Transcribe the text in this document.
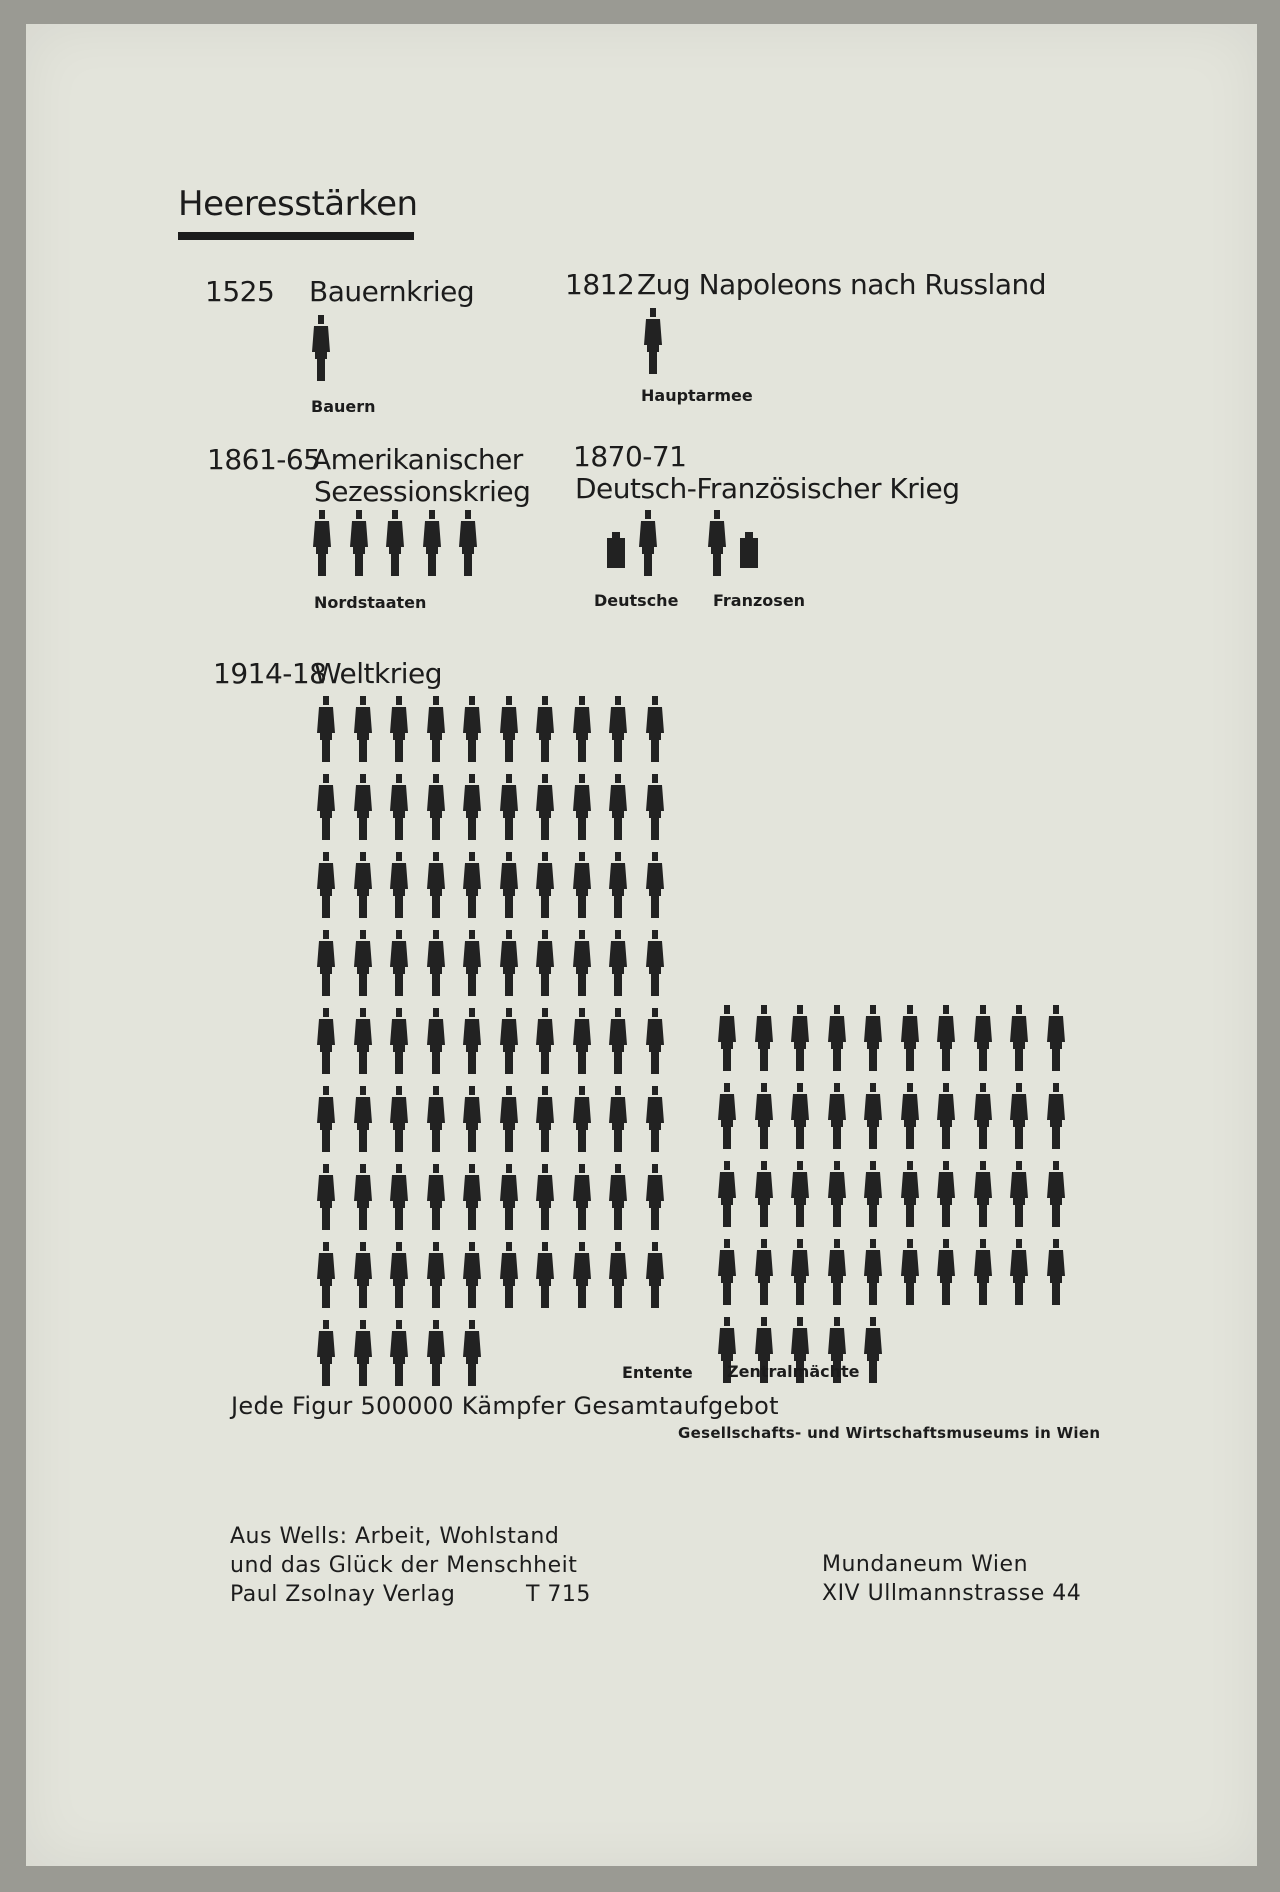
Heeresstärken
1525 Bauernkrieg	1812 Zug Napoleons nach Russland
1861-65
Amerikanischer
Sezessionskrieg
1870-71
Deutsch-Französischer Krieg
1914-18
Weltkrieg
Bauern
Hauptarmee
Nordstaaten	Deutsche Franzosen
Entente Zentralmächte
Jede Figur 500000 Kämpfer Gesamtaufgebot
Gesellschafts- und Wirtschaftsmuseums in Wien
Aus Wells: Arbeit, Wohlstand
und das Glück der Menschheit
Paul Zsolnay Verlag	T 715
Mundaneum Wien
XIV Ullmannstrasse 44
